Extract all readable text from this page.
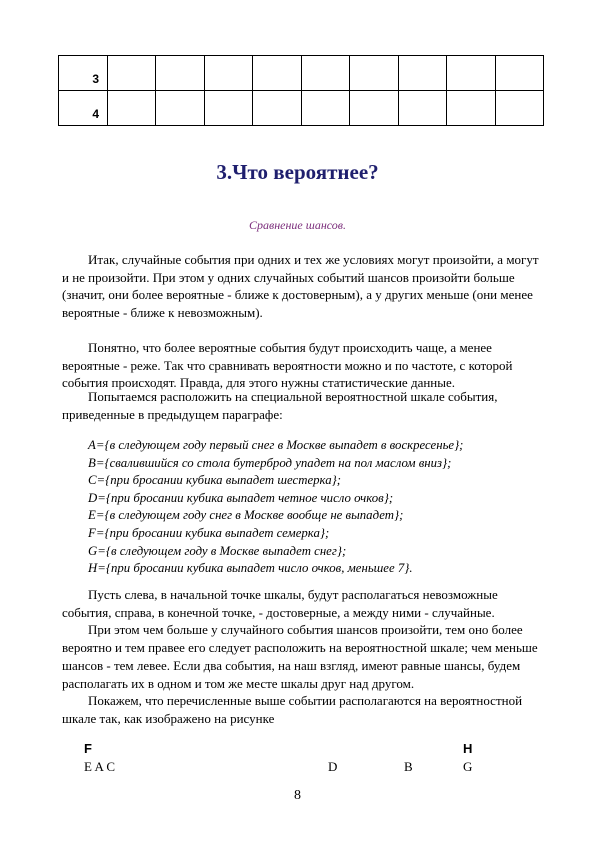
3									
4									
3.Что вероятнее?

Сравнение шансов.

Итак, случайные события при одних и тех же условиях могут произойти, а могут и не произойти. При этом у одних случайных событий шансов произойти больше (значит, они более вероятные - ближе к достоверным), а у других меньше (они менее вероятные - ближе к невозможным).

Понятно, что более вероятные события будут происходить чаще, а менее вероятные - реже. Так что сравнивать вероятности можно и по частоте, с которой события происходят. Правда, для этого нужны статистические данные.

Попытаемся расположить на специальной вероятностной шкале события, приведенные в предыдущем параграфе:

A={в следующем году первый снег в Москве выпадет в воскресенье};
B={свалившийся со стола бутерброд упадет на пол маслом вниз};
C={при бросании кубика выпадет шестерка};
D={при бросании кубика выпадет четное число очков};
E={в следующем году снег в Москве вообще не выпадет};
F={при бросании кубика выпадет семерка};
G={в следующем году в Москве выпадет снег};
H={при бросании кубика выпадет число очков, меньшее 7}.

Пусть слева, в начальной точке шкалы, будут располагаться невозможные события, справа, в конечной точке, - достоверные, а между ними - случайные.
При этом чем больше у случайного события шансов произойти, тем оно более вероятно и тем правее его следует расположить на вероятностной шкале; чем меньше шансов - тем левее. Если два события, на наш взгляд, имеют равные шансы, будем располагать их в одном и том же месте шкалы друг над другом.
Покажем, что перечисленные выше событии располагаются на вероятностной шкале так, как изображено на рисунке

F	H
E A C	D	B	G
8
